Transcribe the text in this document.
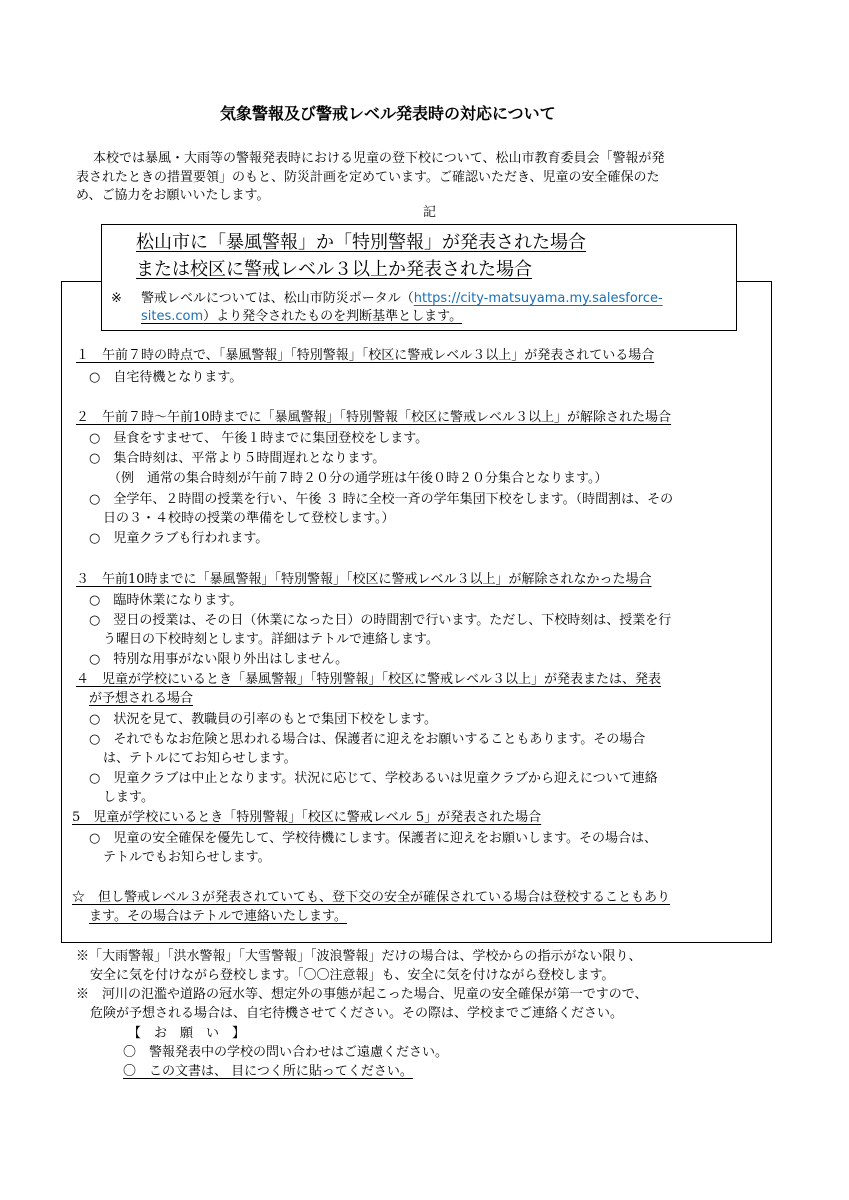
気象警報及び警戒レベル発表時の対応について
本校では暴風・大雨等の警報発表時における児童の登下校について、松山市教育委員会「警報が発
表されたときの措置要領」のもと、防災計画を定めています。ご確認いただき、児童の安全確保のた
め、ご協力をお願いいたします。
記
松山市に「暴風警報」か「特別警報」が発表された場合
または校区に警戒レベル３以上か発表された場合
※ 警戒レベルについては、松山市防災ポータル（https://city-matsuyama.my.salesforce-
sites.com）より発令されたものを判断基準とします。
１　午前７時の時点で、「暴風警報」「特別警報」「校区に警戒レベル３以上」が発表されている場合
○　自宅待機となります。
２　午前７時～午前10時までに「暴風警報」「特別警報「校区に警戒レベル３以上」が解除された場合
○　昼食をすませて、 午後１時までに集団登校をします。
○　集合時刻は、平常より５時間遅れとなります。
（例　通常の集合時刻が午前７時２０分の通学班は午後０時２０分集合となります。）
○　全学年、２時間の授業を行い、午後 ３ 時に全校一斉の学年集団下校をします。（時間割は、その
日の３・４校時の授業の準備をして登校します。）
○　児童クラブも行われます。
３　午前10時までに「暴風警報」「特別警報」「校区に警戒レベル３以上」が解除されなかった場合
○　臨時休業になります。
○　翌日の授業は、その日（休業になった日）の時間割で行います。ただし、下校時刻は、授業を行
う曜日の下校時刻とします。詳細はテトルで連絡します。
○　特別な用事がない限り外出はしません。
４　児童が学校にいるとき「暴風警報」「特別警報」「校区に警戒レベル３以上」が発表または、発表
が予想される場合
○　状況を見て、教職員の引率のもとで集団下校をします。
○　それでもなお危険と思われる場合は、保護者に迎えをお願いすることもあります。その場合
は、テトルにてお知らせします。
○　児童クラブは中止となります。状況に応じて、学校あるいは児童クラブから迎えについて連絡
します。
5　児童が学校にいるとき「特別警報」「校区に警戒レベル 5」が発表された場合
○　児童の安全確保を優先して、学校待機にします。保護者に迎えをお願いします。その場合は、
テトルでもお知らせします。
☆　但し警戒レベル３が発表されていても、登下交の安全が確保されている場合は登校することもあり
ます。その場合はテトルで連絡いたします。
※「大雨警報」「洪水警報」「大雪警報」「波浪警報」だけの場合は、学校からの指示がない限り、
安全に気を付けながら登校します。「〇〇注意報」も、安全に気を付けながら登校します。
※　河川の氾濫や道路の冠水等、想定外の事態が起こった場合、児童の安全確保が第一ですので、
危険が予想される場合は、自宅待機させてください。その際は、学校までご連絡ください。
【　お　願　い　】
〇　警報発表中の学校の問い合わせはご遠慮ください。
〇　この文書は、 目につく所に貼ってください。
